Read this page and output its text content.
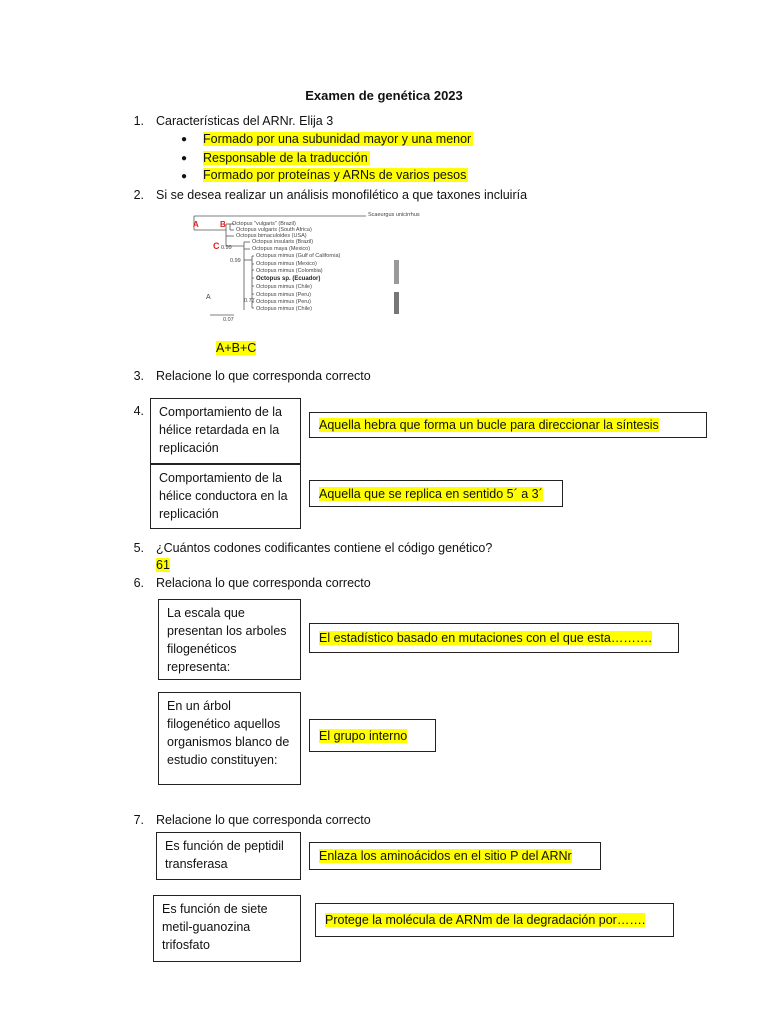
Examen de genética 2023
1. Características del ARNr. Elija 3
● Formado por una subunidad mayor y una menor
● Responsable de la traducción
● Formado por proteínas y ARNs de varios pesos
2. Si se desea realizar un análisis monofilético a que taxones incluiría
Scaeurgus unicirrhus
Octopus "vulgaris" (Brazil)
Octopus vulgaris (South Africa)
Octopus bimaculoides (USA)
Octopus insularis (Brazil)
Octopus maya (Mexico)
Octopus mimus (Gulf of California)
Octopus mimus (Mexico)
Octopus mimus (Colombia)
Octopus sp. (Ecuador)
Octopus mimus (Chile)
Octopus mimus (Peru)
Octopus mimus (Peru)
Octopus mimus (Chile)
A	B
C 0.99
0.99
0.77
A
0.07
A+B+C
3. Relacione lo que corresponda correcto
4.	Comportamiento de la hélice retardada en la replicación
Comportamiento de la hélice conductora en la replicación
Aquella hebra que forma un bucle para direccionar la síntesis
Aquella que se replica en sentido 5´ a 3´
5. ¿Cuántos codones codificantes contiene el código genético?
61
6. Relaciona lo que corresponda correcto
La escala que presentan los arboles filogenéticos representa:
En un árbol filogenético aquellos organismos blanco de estudio constituyen:
El estadístico basado en mutaciones con el que esta……….
El grupo interno
7. Relacione lo que corresponda correcto
Es función de peptidil transferasa
Es función de siete metil-guanozina trifosfato
Enlaza los aminoácidos en el sitio P del ARNr
Protege la molécula de ARNm de la degradación por…….
